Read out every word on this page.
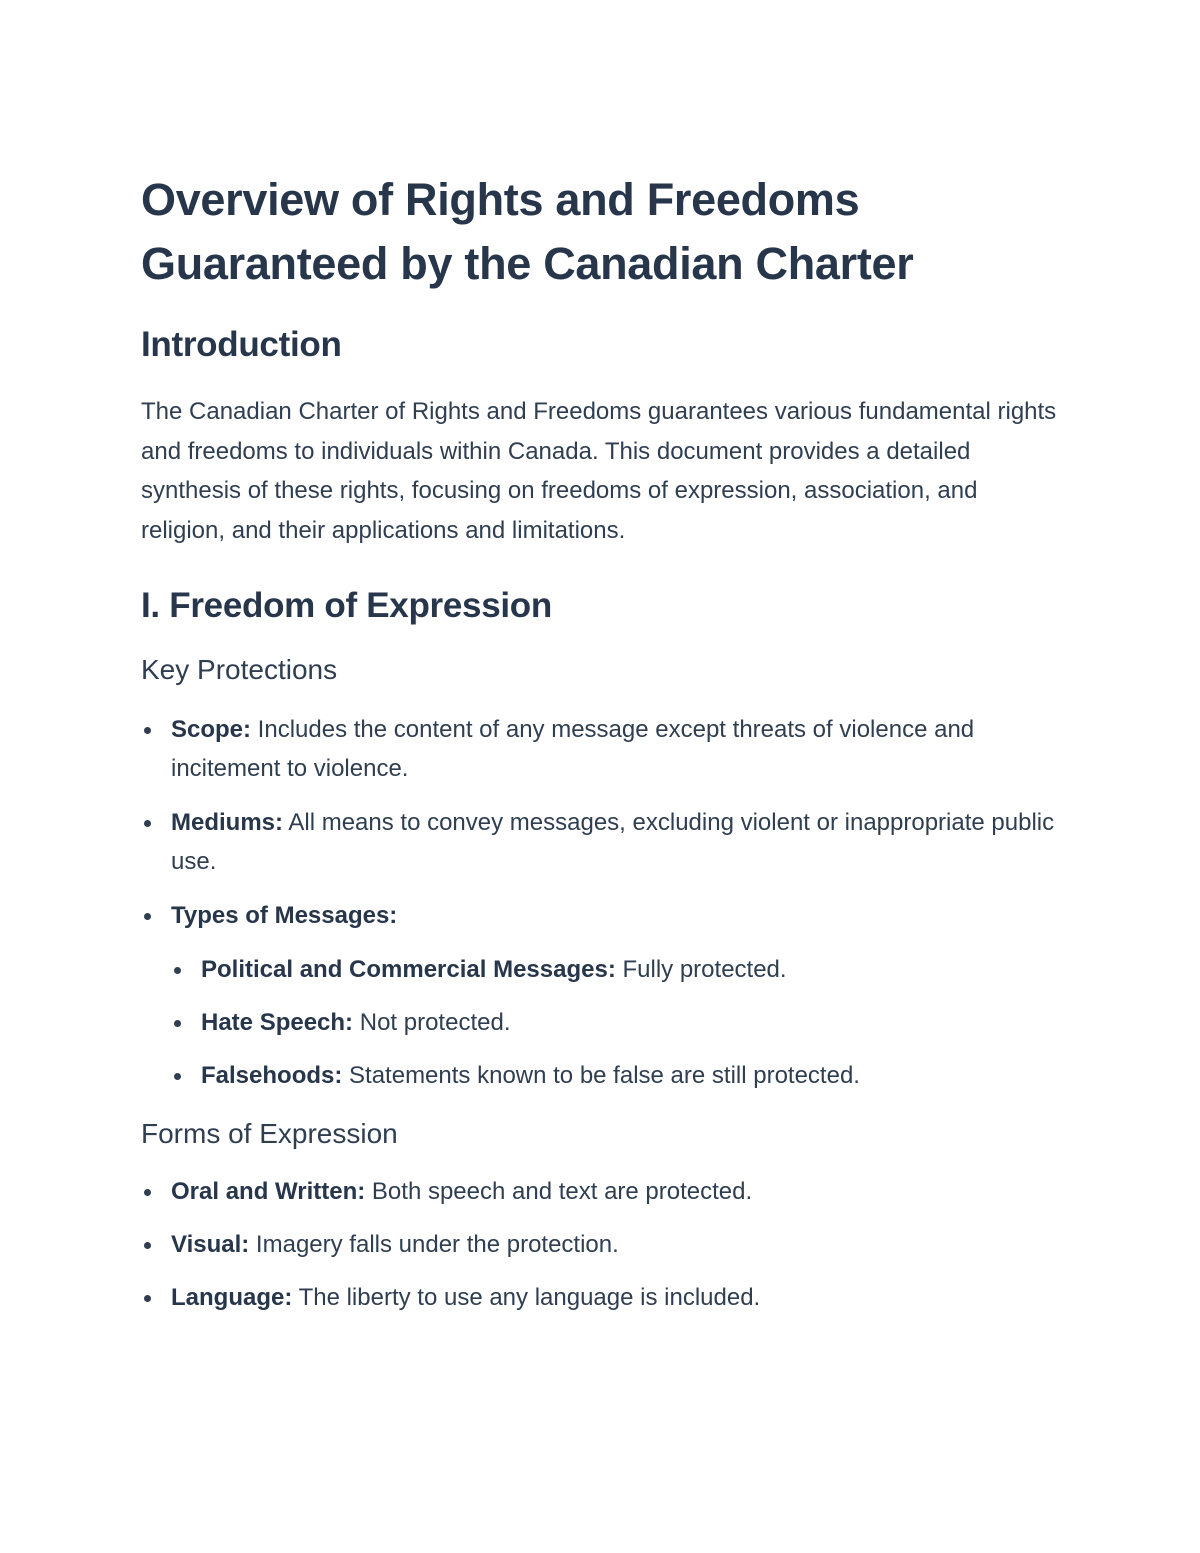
Overview of Rights and Freedoms Guaranteed by the Canadian Charter
Introduction

The Canadian Charter of Rights and Freedoms guarantees various fundamental rights and freedoms to individuals within Canada. This document provides a detailed synthesis of these rights, focusing on freedoms of expression, association, and religion, and their applications and limitations.

I. Freedom of Expression
Key Protections
Scope: Includes the content of any message except threats of violence and incitement to violence.
Mediums: All means to convey messages, excluding violent or inappropriate public use.
Types of Messages:
Political and Commercial Messages: Fully protected.
Hate Speech: Not protected.
Falsehoods: Statements known to be false are still protected.
Forms of Expression
Oral and Written: Both speech and text are protected.
Visual: Imagery falls under the protection.
Language: The liberty to use any language is included.
